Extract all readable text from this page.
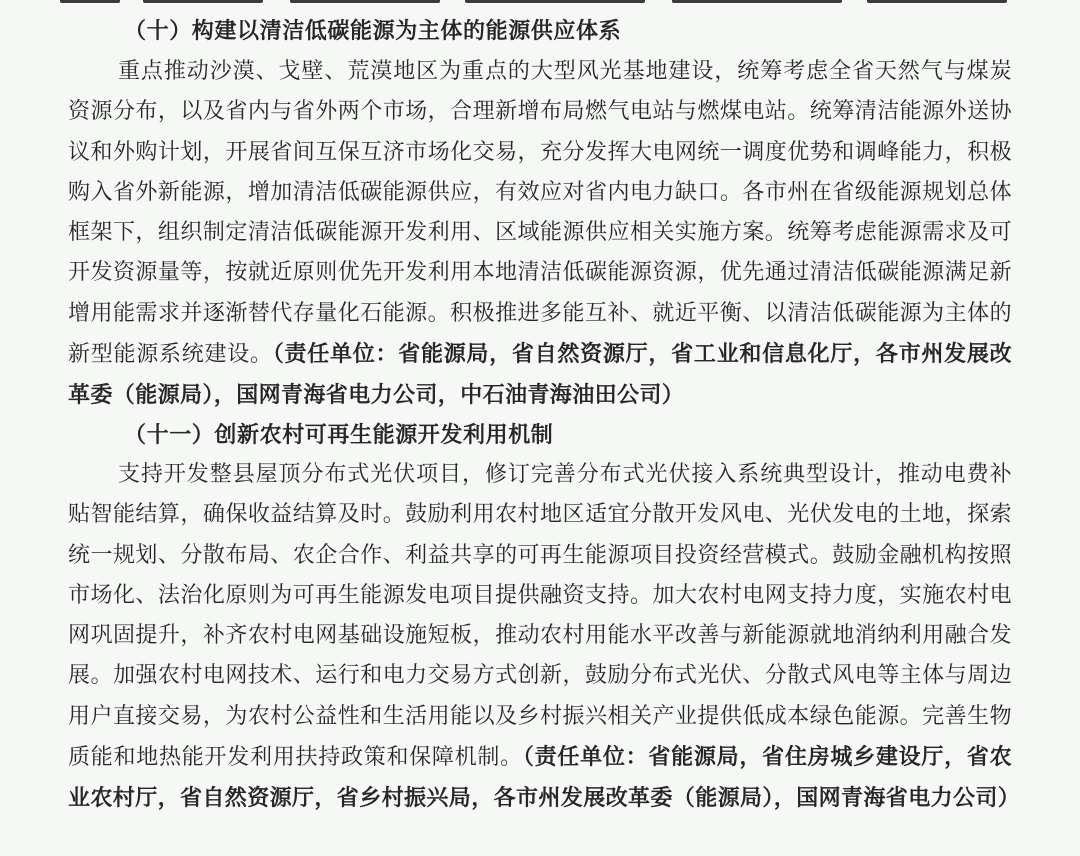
（十）构建以清洁低碳能源为主体的能源供应体系

重点推动沙漠、戈壁、荒漠地区为重点的大型风光基地建设，统筹考虑全省天然气与煤炭资源分布，以及省内与省外两个市场，合理新增布局燃气电站与燃煤电站。统筹清洁能源外送协议和外购计划，开展省间互保互济市场化交易，充分发挥大电网统一调度优势和调峰能力，积极购入省外新能源，增加清洁低碳能源供应，有效应对省内电力缺口。各市州在省级能源规划总体框架下，组织制定清洁低碳能源开发利用、区域能源供应相关实施方案。统筹考虑能源需求及可开发资源量等，按就近原则优先开发利用本地清洁低碳能源资源，优先通过清洁低碳能源满足新增用能需求并逐渐替代存量化石能源。积极推进多能互补、就近平衡、以清洁低碳能源为主体的新型能源系统建设。（责任单位：省能源局，省自然资源厅，省工业和信息化厅，各市州发展改革委（能源局），国网青海省电力公司，中石油青海油田公司）

（十一）创新农村可再生能源开发利用机制

支持开发整县屋顶分布式光伏项目，修订完善分布式光伏接入系统典型设计，推动电费补贴智能结算，确保收益结算及时。鼓励利用农村地区适宜分散开发风电、光伏发电的土地，探索统一规划、分散布局、农企合作、利益共享的可再生能源项目投资经营模式。鼓励金融机构按照市场化、法治化原则为可再生能源发电项目提供融资支持。加大农村电网支持力度，实施农村电网巩固提升，补齐农村电网基础设施短板，推动农村用能水平改善与新能源就地消纳利用融合发展。加强农村电网技术、运行和电力交易方式创新，鼓励分布式光伏、分散式风电等主体与周边用户直接交易，为农村公益性和生活用能以及乡村振兴相关产业提供低成本绿色能源。完善生物质能和地热能开发利用扶持政策和保障机制。（责任单位：省能源局，省住房城乡建设厅，省农业农村厅，省自然资源厅，省乡村振兴局，各市州发展改革委（能源局），国网青海省电力公司）
